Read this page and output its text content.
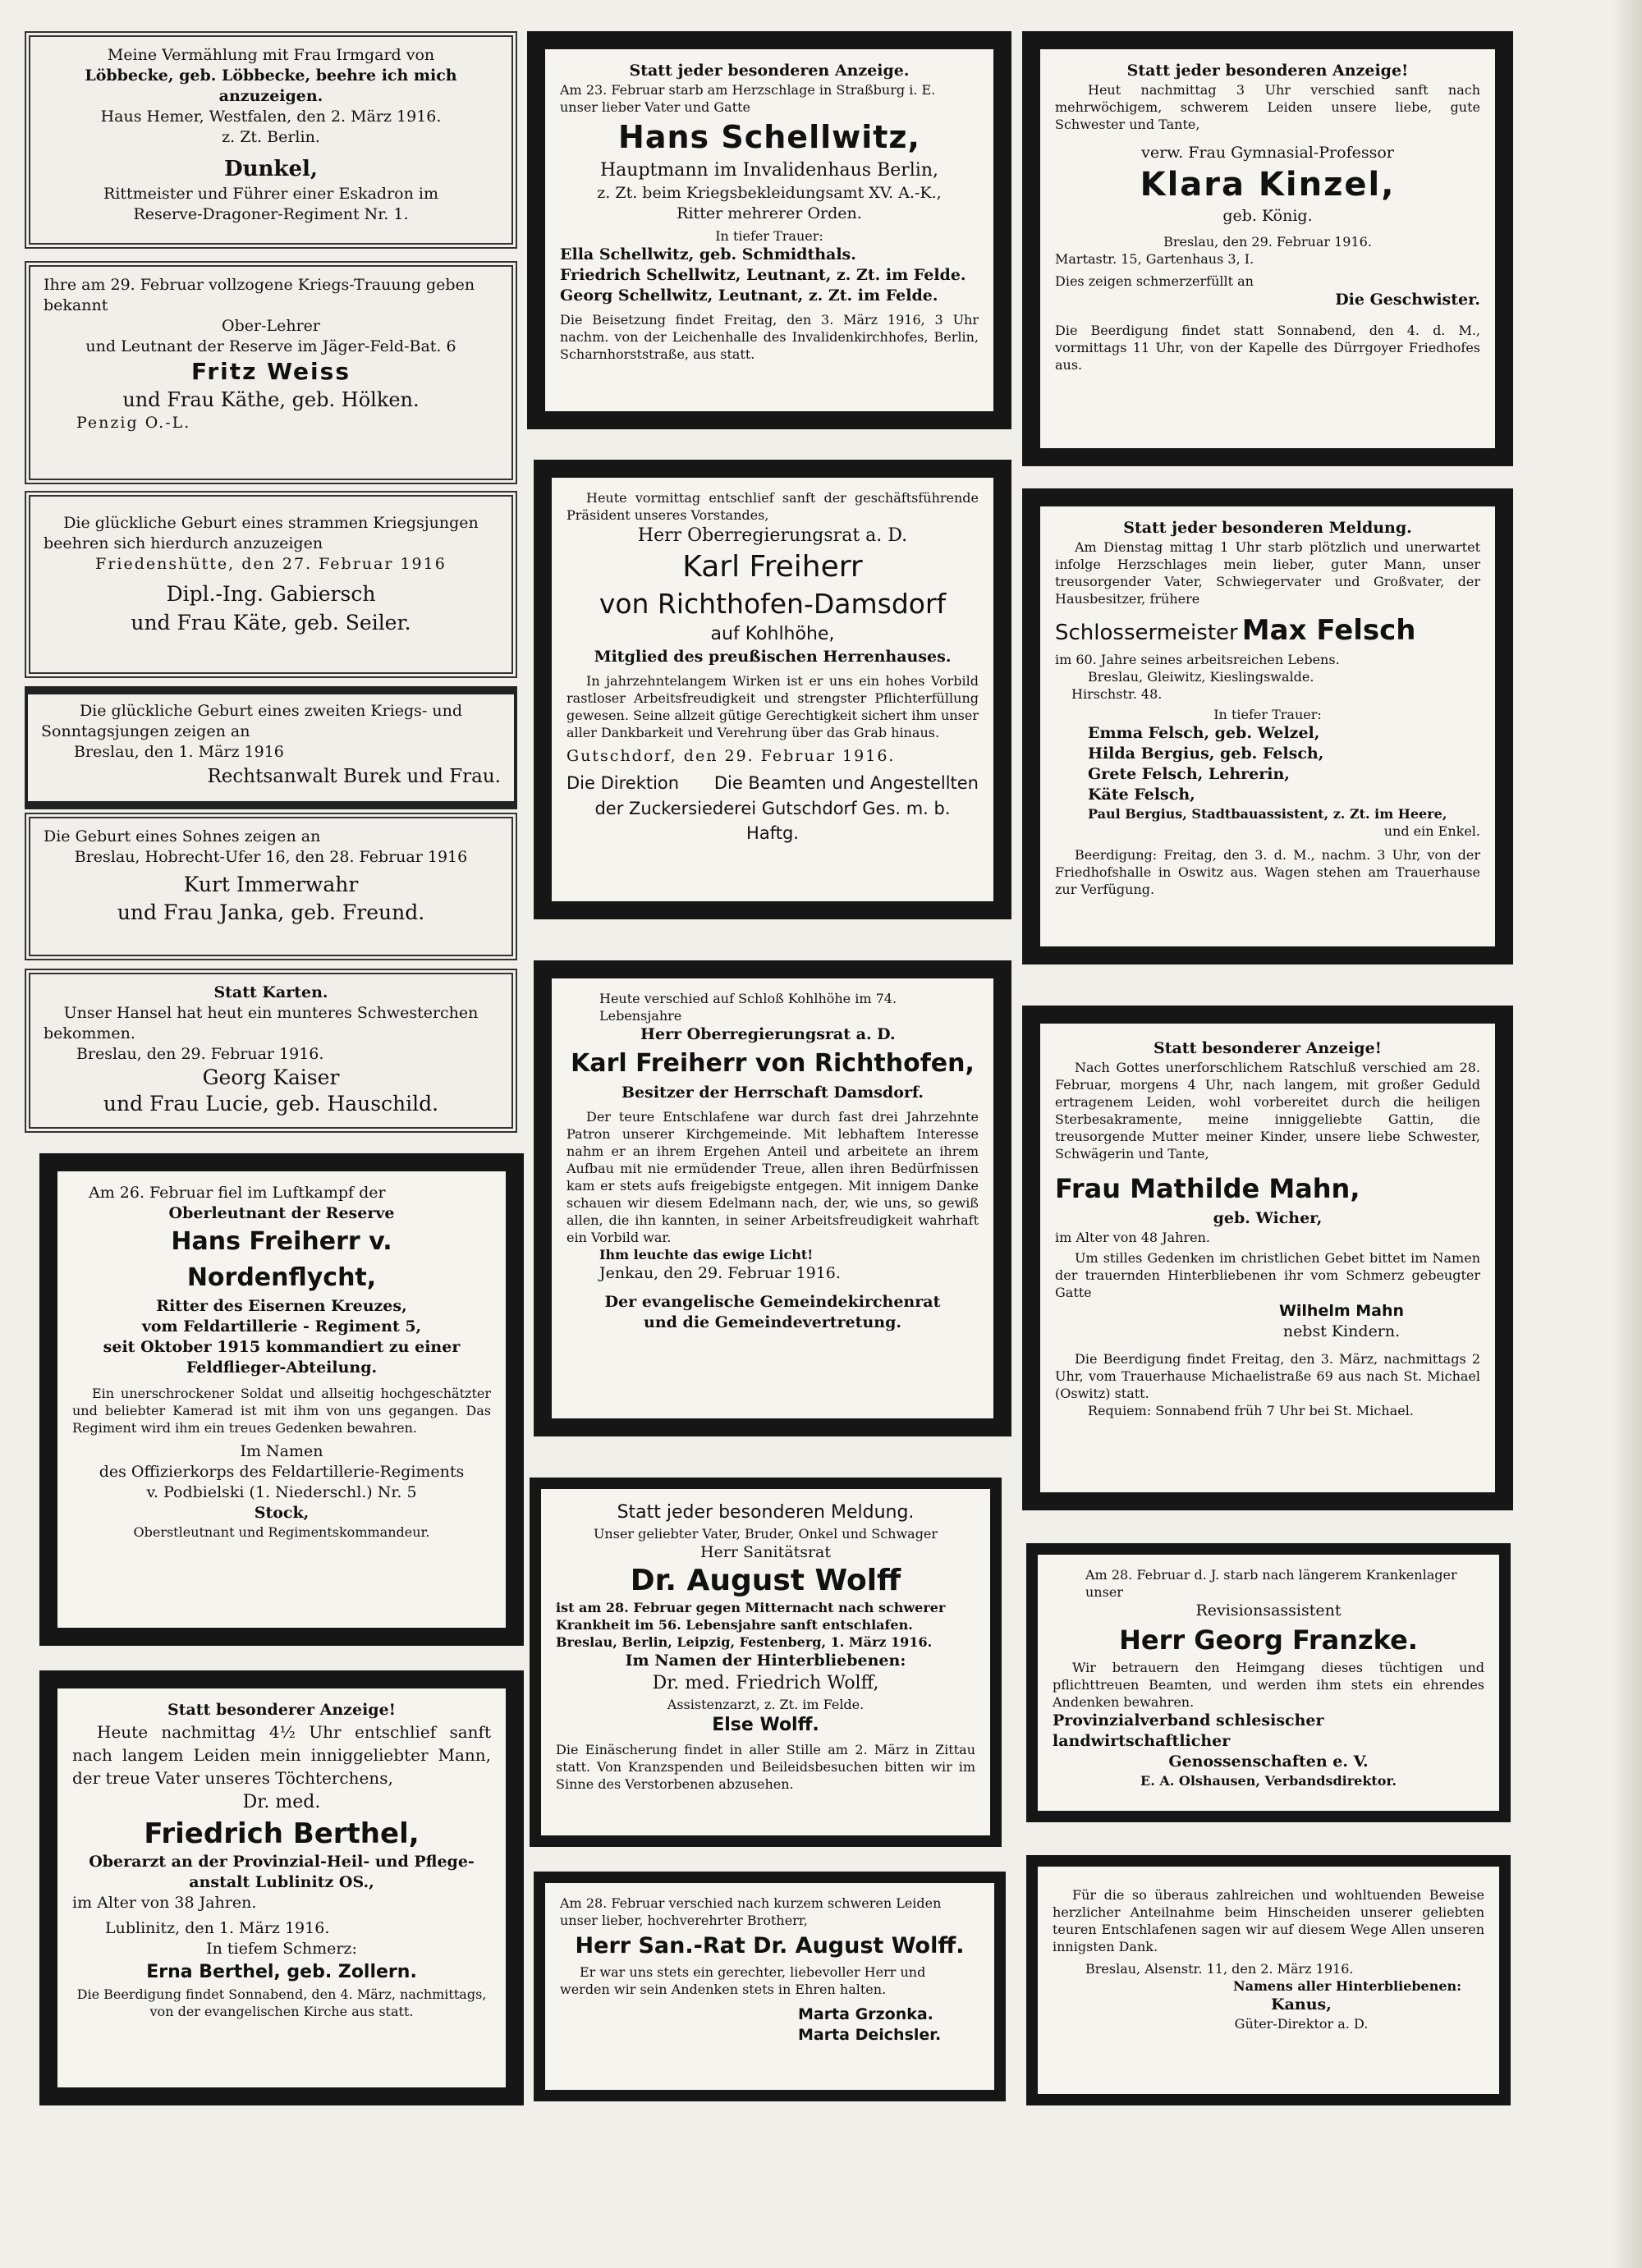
Meine Vermählung mit Frau Irmgard von

Löbbecke, geb. Löbbecke, beehre ich mich anzuzeigen.

Haus Hemer, Westfalen, den 2. März 1916.

z. Zt. Berlin.

Dunkel,

Rittmeister und Führer einer Eskadron im

Reserve-Dragoner-Regiment Nr. 1.

Ihre am 29. Februar vollzogene Kriegs-Trauung geben

bekannt

Ober-Lehrer

und Leutnant der Reserve im Jäger-Feld-Bat. 6

Fritz Weiss

und Frau Käthe, geb. Hölken.

Penzig O.-L.

Die glückliche Geburt eines strammen Kriegsjungen

beehren sich hierdurch anzuzeigen

Friedenshütte, den 27. Februar 1916

Dipl.-Ing. Gabiersch

und Frau Käte, geb. Seiler.

Die glückliche Geburt eines zweiten Kriegs- und

Sonntagsjungen zeigen an

Breslau, den 1. März 1916

Rechtsanwalt Burek und Frau.

Die Geburt eines Sohnes zeigen an

Breslau, Hobrecht-Ufer 16, den 28. Februar 1916

Kurt Immerwahr

und Frau Janka, geb. Freund.

Statt Karten.

Unser Hansel hat heut ein munteres Schwesterchen

bekommen.

Breslau, den 29. Februar 1916.

Georg Kaiser

und Frau Lucie, geb. Hauschild.

Am 26. Februar fiel im Luftkampf der

Oberleutnant der Reserve

Hans Freiherr v. Nordenflycht,

Ritter des Eisernen Kreuzes,

vom Feldartillerie - Regiment 5,

seit Oktober 1915 kommandiert zu einer

Feldflieger-Abteilung.

Ein unerschrockener Soldat und allseitig hochgeschätzter und beliebter Kamerad ist mit ihm von uns gegangen. Das Regiment wird ihm ein treues Gedenken bewahren.

Im Namen

des Offizierkorps des Feldartillerie-Regiments

v. Podbielski (1. Niederschl.) Nr. 5

Stock,

Oberstleutnant und Regimentskommandeur.

Statt besonderer Anzeige!

Heute nachmittag 4½ Uhr entschlief sanft nach langem Leiden mein inniggeliebter Mann, der treue Vater unseres Töchterchens,

Dr. med.

Friedrich Berthel,

Oberarzt an der Provinzial-Heil- und Pflege-

anstalt Lublinitz OS.,

im Alter von 38 Jahren.

Lublinitz, den 1. März 1916.

In tiefem Schmerz:

Erna Berthel, geb. Zollern.

Die Beerdigung findet Sonnabend, den 4. März, nachmittags, von der evangelischen Kirche aus statt.

Statt jeder besonderen Anzeige.

Am 23. Februar starb am Herzschlage in Straßburg i. E.

unser lieber Vater und Gatte

Hans Schellwitz,

Hauptmann im Invalidenhaus Berlin,

z. Zt. beim Kriegsbekleidungsamt XV. A.-K.,

Ritter mehrerer Orden.

In tiefer Trauer:

Ella Schellwitz, geb. Schmidthals.

Friedrich Schellwitz, Leutnant, z. Zt. im Felde.

Georg Schellwitz, Leutnant, z. Zt. im Felde.

Die Beisetzung findet Freitag, den 3. März 1916, 3 Uhr nachm. von der Leichenhalle des Invalidenkirchhofes, Berlin, Scharnhorststraße, aus statt.

Heute vormittag entschlief sanft der geschäftsführende Präsident unseres Vorstandes,

Herr Oberregierungsrat a. D.

Karl Freiherr

von Richthofen-Damsdorf

auf Kohlhöhe,

Mitglied des preußischen Herrenhauses.

In jahrzehntelangem Wirken ist er uns ein hohes Vorbild rastloser Arbeitsfreudigkeit und strengster Pflichterfüllung gewesen. Seine allzeit gütige Gerechtigkeit sichert ihm unser aller Dankbarkeit und Verehrung über das Grab hinaus.

Gutschdorf, den 29. Februar 1916.

Die Direktion Die Beamten und Angestellten

der Zuckersiederei Gutschdorf Ges. m. b. Haftg.

Heute verschied auf Schloß Kohlhöhe im 74. Lebensjahre

Herr Oberregierungsrat a. D.

Karl Freiherr von Richthofen,

Besitzer der Herrschaft Damsdorf.

Der teure Entschlafene war durch fast drei Jahrzehnte Patron unserer Kirchgemeinde. Mit lebhaftem Interesse nahm er an ihrem Ergehen Anteil und arbeitete an ihrem Aufbau mit nie ermüdender Treue, allen ihren Bedürfnissen kam er stets aufs freigebigste entgegen. Mit innigem Danke schauen wir diesem Edelmann nach, der, wie uns, so gewiß allen, die ihn kannten, in seiner Arbeitsfreudigkeit wahrhaft ein Vorbild war.

Ihm leuchte das ewige Licht!

Jenkau, den 29. Februar 1916.

Der evangelische Gemeindekirchenrat

und die Gemeindevertretung.

Statt jeder besonderen Meldung.

Unser geliebter Vater, Bruder, Onkel und Schwager

Herr Sanitätsrat

Dr. August Wolff

ist am 28. Februar gegen Mitternacht nach schwerer Krankheit im 56. Lebensjahre sanft entschlafen.

Breslau, Berlin, Leipzig, Festenberg, 1. März 1916.

Im Namen der Hinterbliebenen:

Dr. med. Friedrich Wolff,

Assistenzarzt, z. Zt. im Felde.

Else Wolff.

Die Einäscherung findet in aller Stille am 2. März in Zittau statt. Von Kranzspenden und Beileidsbesuchen bitten wir im Sinne des Verstorbenen abzusehen.

Am 28. Februar verschied nach kurzem schweren Leiden unser lieber, hochverehrter Brotherr,

Herr San.-Rat Dr. August Wolff.

Er war uns stets ein gerechter, liebevoller Herr und werden wir sein Andenken stets in Ehren halten.

Marta Grzonka.

Marta Deichsler.

Statt jeder besonderen Anzeige!

Heut nachmittag 3 Uhr verschied sanft nach mehrwöchigem, schwerem Leiden unsere liebe, gute Schwester und Tante,

verw. Frau Gymnasial-Professor

Klara Kinzel,

geb. König.

Breslau, den 29. Februar 1916.

Martastr. 15, Gartenhaus 3, I.

Dies zeigen schmerzerfüllt an

Die Geschwister.

Die Beerdigung findet statt Sonnabend, den 4. d. M., vormittags 11 Uhr, von der Kapelle des Dürrgoyer Friedhofes aus.

Statt jeder besonderen Meldung.

Am Dienstag mittag 1 Uhr starb plötzlich und unerwartet infolge Herzschlages mein lieber, guter Mann, unser treusorgender Vater, Schwiegervater und Großvater, der Hausbesitzer, frühere

Schlossermeister Max Felsch

im 60. Jahre seines arbeitsreichen Lebens.

Breslau, Gleiwitz, Kieslingswalde.

Hirschstr. 48.

In tiefer Trauer:

Emma Felsch, geb. Welzel,

Hilda Bergius, geb. Felsch,

Grete Felsch, Lehrerin,

Käte Felsch,

Paul Bergius, Stadtbauassistent, z. Zt. im Heere,

und ein Enkel.

Beerdigung: Freitag, den 3. d. M., nachm. 3 Uhr, von der Friedhofshalle in Oswitz aus. Wagen stehen am Trauerhause zur Verfügung.

Statt besonderer Anzeige!

Nach Gottes unerforschlichem Ratschluß verschied am 28. Februar, morgens 4 Uhr, nach langem, mit großer Geduld ertragenem Leiden, wohl vorbereitet durch die heiligen Sterbesakramente, meine inniggeliebte Gattin, die treusorgende Mutter meiner Kinder, unsere liebe Schwester, Schwägerin und Tante,

Frau Mathilde Mahn,

geb. Wicher,

im Alter von 48 Jahren.

Um stilles Gedenken im christlichen Gebet bittet im Namen der trauernden Hinterbliebenen ihr vom Schmerz gebeugter Gatte

Wilhelm Mahn

nebst Kindern.

Die Beerdigung findet Freitag, den 3. März, nachmittags 2 Uhr, vom Trauerhause Michaelistraße 69 aus nach St. Michael (Oswitz) statt.

Requiem: Sonnabend früh 7 Uhr bei St. Michael.

Am 28. Februar d. J. starb nach längerem Krankenlager unser

Revisionsassistent

Herr Georg Franzke.

Wir betrauern den Heimgang dieses tüchtigen und pflichttreuen Beamten, und werden ihm stets ein ehrendes Andenken bewahren.

Provinzialverband schlesischer landwirtschaftlicher

Genossenschaften e. V.

E. A. Olshausen, Verbandsdirektor.

Für die so überaus zahlreichen und wohltuenden Beweise herzlicher Anteilnahme beim Hinscheiden unserer geliebten teuren Entschlafenen sagen wir auf diesem Wege Allen unseren innigsten Dank.

Breslau, Alsenstr. 11, den 2. März 1916.

Namens aller Hinterbliebenen:

Kanus,

Güter-Direktor a. D.
